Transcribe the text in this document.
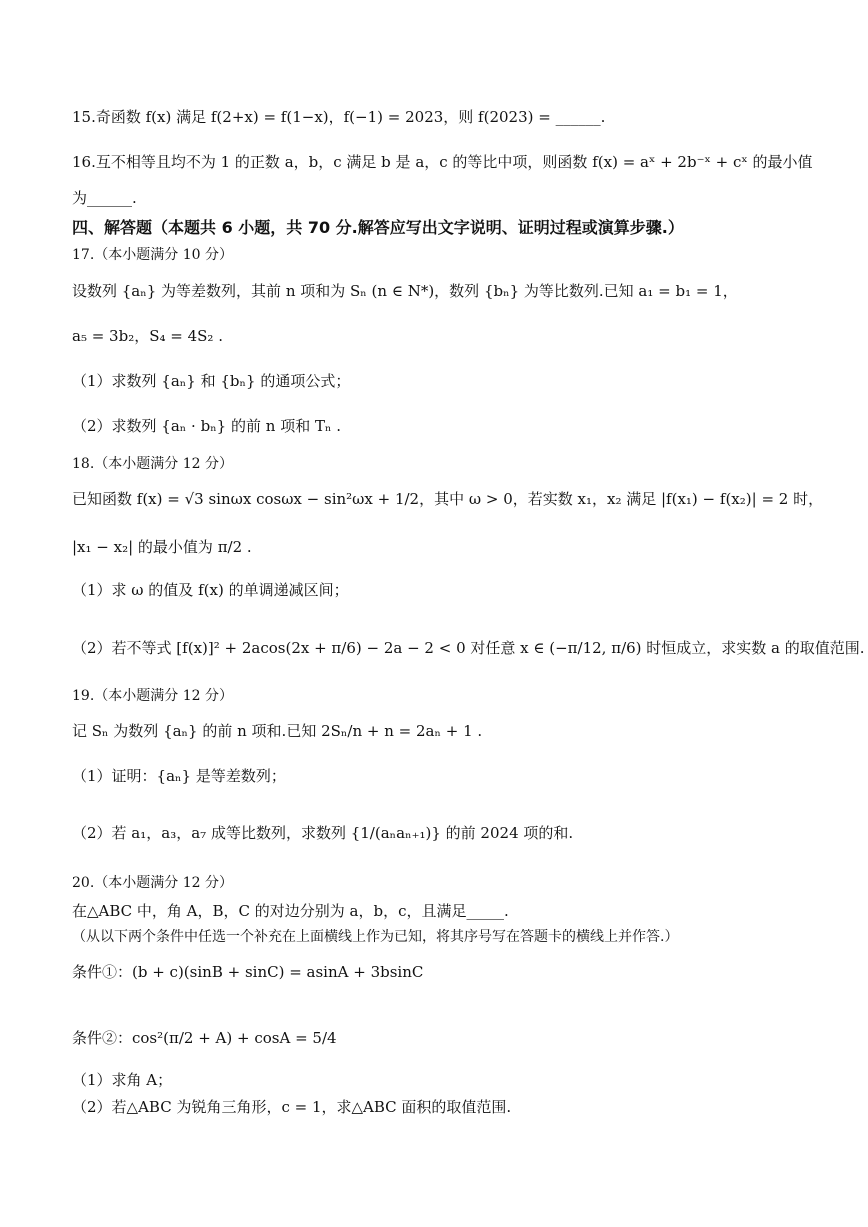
15.奇函数 f(x) 满足 f(2+x) = f(1−x)，f(−1) = 2023，则 f(2023) = ______.
16.互不相等且均不为 1 的正数 a，b，c 满足 b 是 a，c 的等比中项，则函数 f(x) = aˣ + 2b⁻ˣ + cˣ 的最小值
为______.
四、解答题（本题共 6 小题，共 70 分.解答应写出文字说明、证明过程或演算步骤.）
17.（本小题满分 10 分）
设数列 {aₙ} 为等差数列，其前 n 项和为 Sₙ (n ∈ N*)，数列 {bₙ} 为等比数列.已知 a₁ = b₁ = 1，
a₅ = 3b₂，S₄ = 4S₂ .
（1）求数列 {aₙ} 和 {bₙ} 的通项公式；
（2）求数列 {aₙ · bₙ} 的前 n 项和 Tₙ .
18.（本小题满分 12 分）
已知函数 f(x) = √3 sinωx cosωx − sin²ωx + 1/2，其中 ω > 0，若实数 x₁，x₂ 满足 |f(x₁) − f(x₂)| = 2 时，
|x₁ − x₂| 的最小值为 π/2 .
（1）求 ω 的值及 f(x) 的单调递减区间；
（2）若不等式 [f(x)]² + 2acos(2x + π/6) − 2a − 2 < 0 对任意 x ∈ (−π/12, π/6) 时恒成立，求实数 a 的取值范围.
19.（本小题满分 12 分）
记 Sₙ 为数列 {aₙ} 的前 n 项和.已知 2Sₙ/n + n = 2aₙ + 1 .
（1）证明：{aₙ} 是等差数列；
（2）若 a₁，a₃，a₇ 成等比数列，求数列 {1/(aₙaₙ₊₁)} 的前 2024 项的和.
20.（本小题满分 12 分）
在△ABC 中，角 A，B，C 的对边分别为 a，b，c，且满足_____.
（从以下两个条件中任选一个补充在上面横线上作为已知，将其序号写在答题卡的横线上并作答.）
条件①：(b + c)(sinB + sinC) = asinA + 3bsinC
条件②：cos²(π/2 + A) + cosA = 5/4
（1）求角 A；
（2）若△ABC 为锐角三角形，c = 1，求△ABC 面积的取值范围.
